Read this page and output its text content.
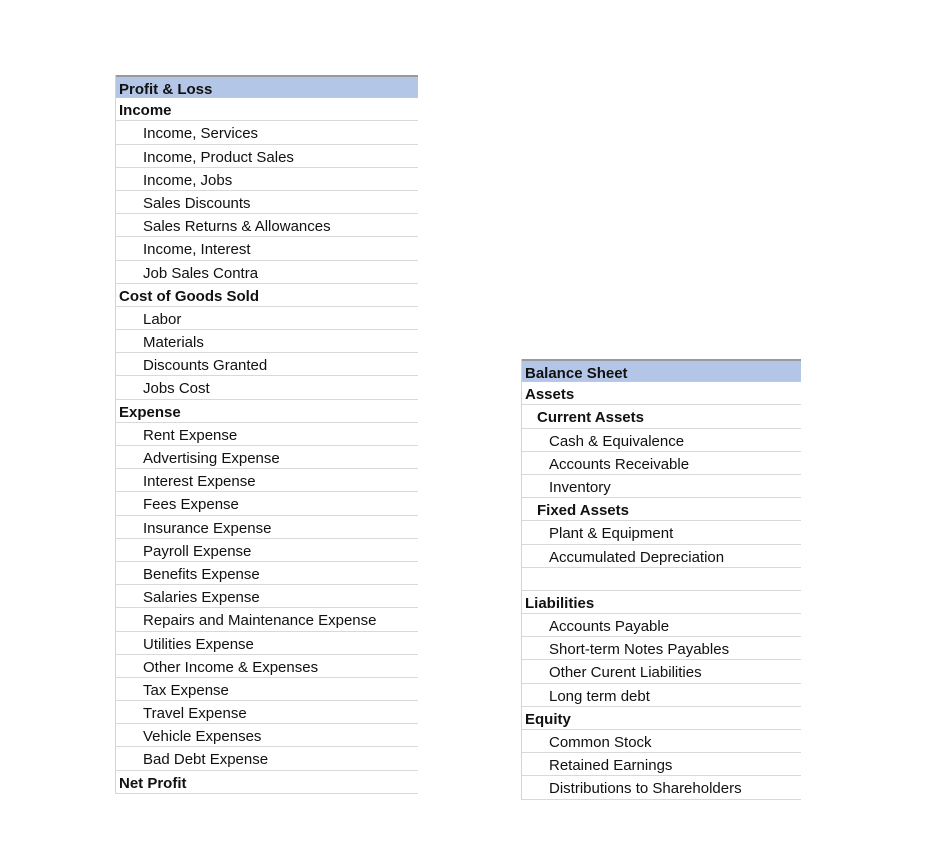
Profit & Loss
Income
Income, Services
Income, Product Sales
Income, Jobs
Sales Discounts
Sales Returns & Allowances
Income, Interest
Job Sales Contra
Cost of Goods Sold
Labor
Materials
Discounts Granted
Jobs Cost
Expense
Rent Expense
Advertising Expense
Interest Expense
Fees Expense
Insurance Expense
Payroll Expense
Benefits Expense
Salaries Expense
Repairs and Maintenance Expense
Utilities Expense
Other Income & Expenses
Tax Expense
Travel Expense
Vehicle Expenses
Bad Debt Expense
Net Profit
Balance Sheet
Assets
Current Assets
Cash & Equivalence
Accounts Receivable
Inventory
Fixed Assets
Plant & Equipment
Accumulated Depreciation
Liabilities
Accounts Payable
Short-term Notes Payables
Other Curent Liabilities
Long term debt
Equity
Common Stock
Retained Earnings
Distributions to Shareholders
